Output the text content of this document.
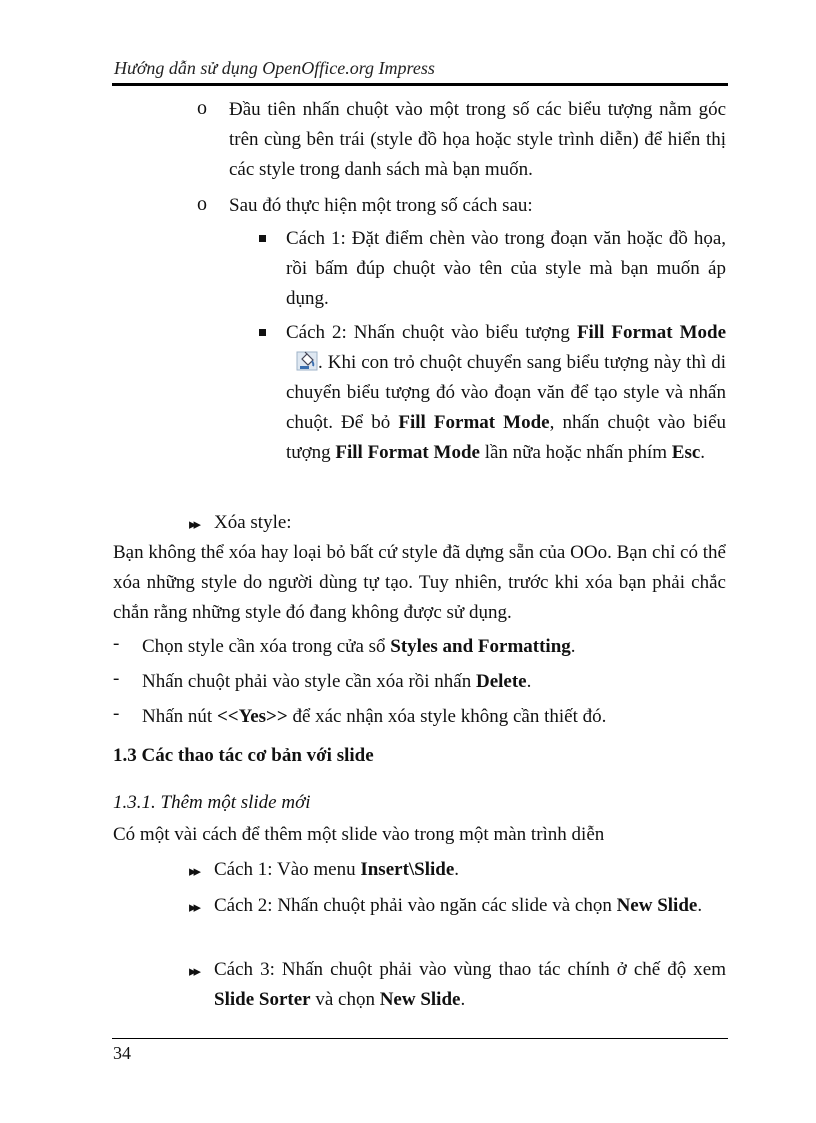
Hướng dẫn sử dụng OpenOffice.org Impress
o Đầu tiên nhấn chuột vào một trong số các biểu tượng nằm góc trên cùng bên trái (style đồ họa hoặc style trình diễn) để hiển thị các style trong danh sách mà bạn muốn.
o Sau đó thực hiện một trong số cách sau:
Cách 1: Đặt điểm chèn vào trong đoạn văn hoặc đồ họa, rồi bấm đúp chuột vào tên của style mà bạn muốn áp dụng.
Cách 2: Nhấn chuột vào biểu tượng Fill Format Mode. Khi con trỏ chuột chuyển sang biểu tượng này thì di chuyển biểu tượng đó vào đoạn văn để tạo style và nhấn chuột. Để bỏ Fill Format Mode, nhấn chuột vào biểu tượng Fill Format Mode lần nữa hoặc nhấn phím Esc.
▸▸ Xóa style:
Bạn không thể xóa hay loại bỏ bất cứ style đã dựng sẵn của OOo. Bạn chỉ có thể xóa những style do người dùng tự tạo. Tuy nhiên, trước khi xóa bạn phải chắc chắn rằng những style đó đang không được sử dụng.
- Chọn style cần xóa trong cửa sổ Styles and Formatting.
- Nhấn chuột phải vào style cần xóa rồi nhấn Delete.
- Nhấn nút <<Yes>> để xác nhận xóa style không cần thiết đó.
1.3 Các thao tác cơ bản với slide
1.3.1. Thêm một slide mới
Có một vài cách để thêm một slide vào trong một màn trình diễn
▸▸ Cách 1: Vào menu Insert\Slide.
▸▸ Cách 2: Nhấn chuột phải vào ngăn các slide và chọn New Slide.
▸▸ Cách 3: Nhấn chuột phải vào vùng thao tác chính ở chế độ xem Slide Sorter và chọn New Slide.
34
